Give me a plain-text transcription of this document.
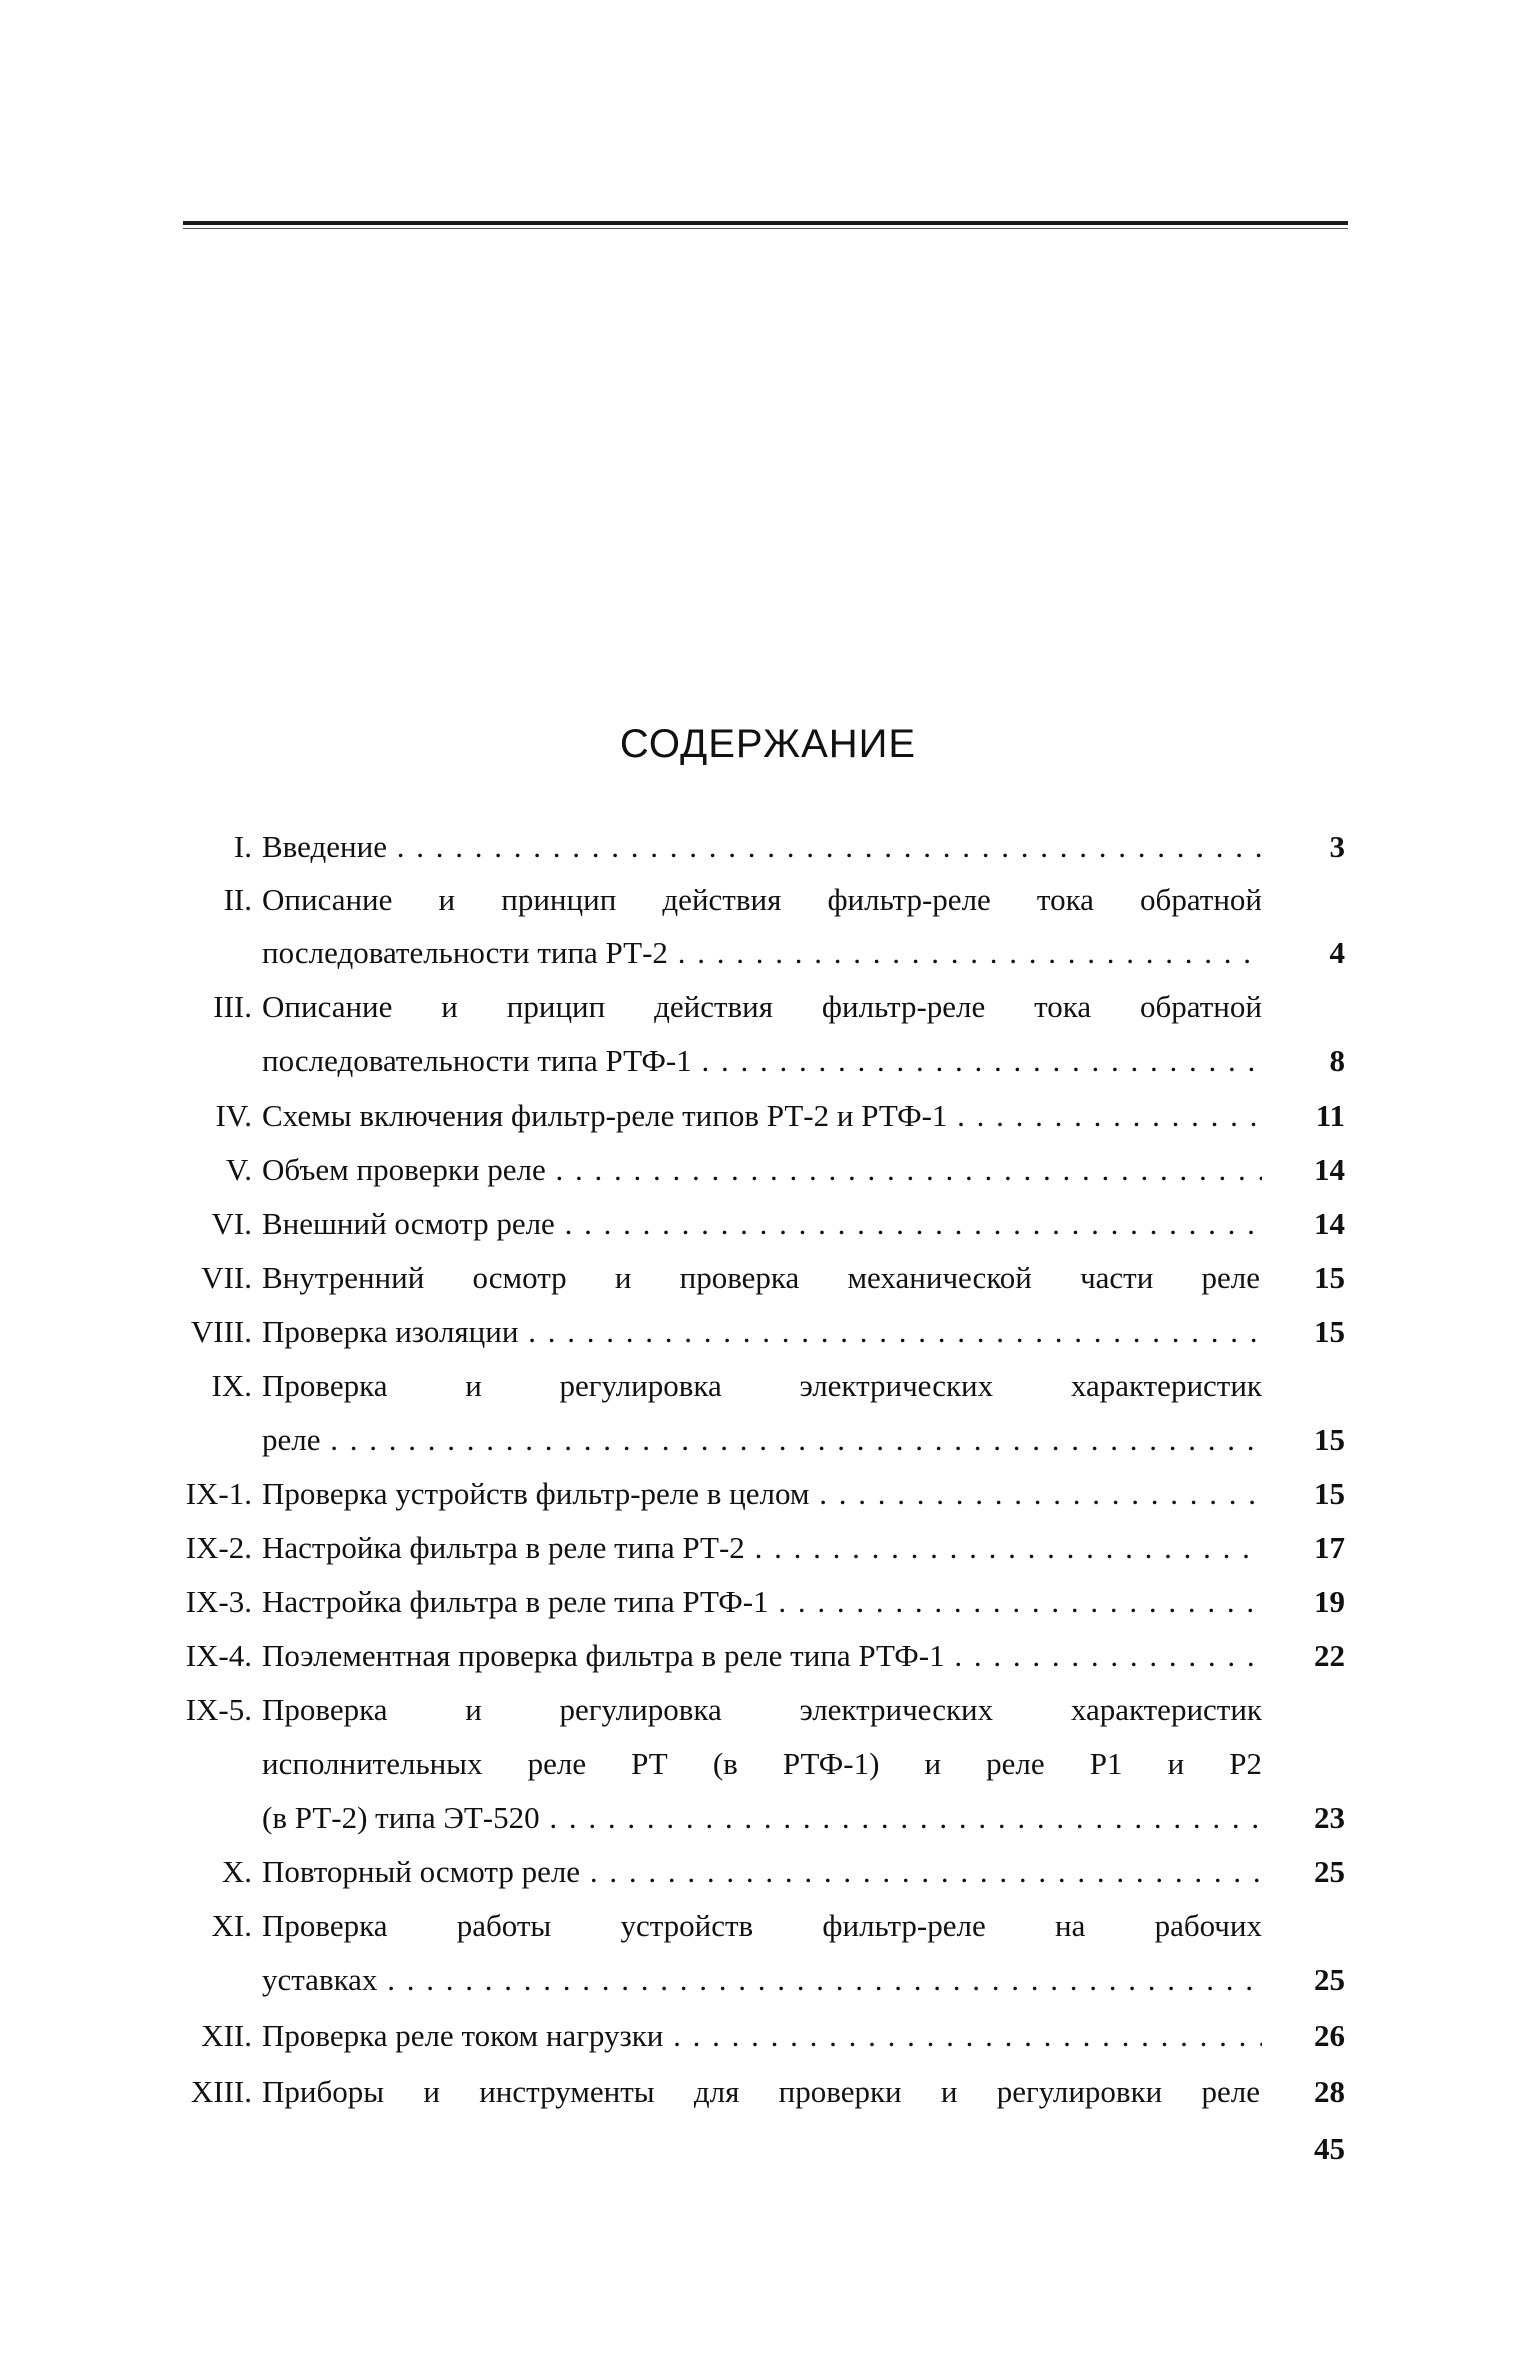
СОДЕРЖАНИЕ
I. Введение . . .	3
II. Описание и принцип действия фильтр-реле тока обратной
последовательности типа РТ-2 . . .	4
III. Описание и прицип действия фильтр-реле тока обратной
последовательности типа РТФ-1 . . .	8
IV. Схемы включения фильтр-реле типов РТ-2 и РТФ-1 . . .	11
V. Объем проверки реле . . .	14
VI. Внешний осмотр реле . . .	14
VII. Внутренний осмотр и проверка механической части реле	15
VIII. Проверка изоляции . . .	15
IX. Проверка и регулировка электрических характеристик
реле . . .	15
IX-1. Проверка устройств фильтр-реле в целом . . .	15
IX-2. Настройка фильтра в реле типа РТ-2 . . .	17
IX-3. Настройка фильтра в реле типа РТФ-1 . . .	19
IX-4. Поэлементная проверка фильтра в реле типа РТФ-1 . . .	22
IX-5. Проверка и регулировка электрических характеристик
исполнительных реле РТ (в РТФ-1) и реле Р1 и Р2
(в РТ-2) типа ЭТ-520 . . .	23
X. Повторный осмотр реле . . .	25
XI. Проверка работы устройств фильтр-реле на рабочих
уставках . . .	25
XII. Проверка реле током нагрузки . . .	26
XIII. Приборы и инструменты для проверки и регулировки реле	28
45
